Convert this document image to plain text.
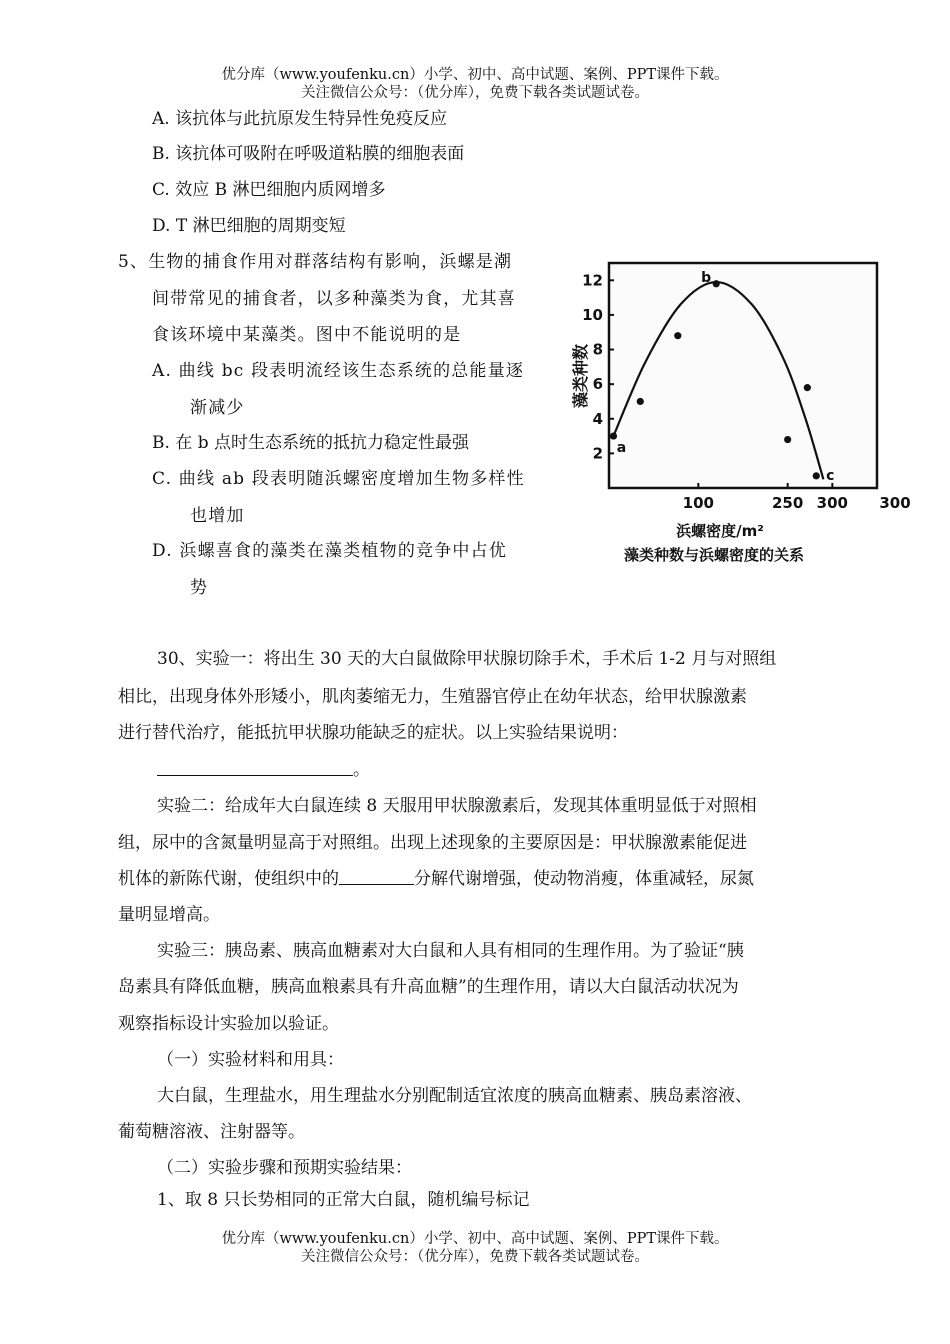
优分库（www.youfenku.cn）小学、初中、高中试题、案例、PPT课件下载。
关注微信公众号：（优分库），免费下载各类试题试卷。
A. 该抗体与此抗原发生特异性免疫反应
B. 该抗体可吸附在呼吸道粘膜的细胞表面
C. 效应 B 淋巴细胞内质网增多
D. T 淋巴细胞的周期变短
5、生物的捕食作用对群落结构有影响，浜螺是潮
间带常见的捕食者，以多种藻类为食，尤其喜
食该环境中某藻类。图中不能说明的是
A. 曲线 bc 段表明流经该生态系统的总能量逐
渐减少
B. 在 b 点时生态系统的抵抗力稳定性最强
C. 曲线 ab 段表明随浜螺密度增加生物多样性
也增加
D. 浜螺喜食的藻类在藻类植物的竞争中占优
势
2
4
6
8
10
12
100	250 300 300
a
b
c
藻类种数
浜螺密度/m²
藻类种数与浜螺密度的关系
30、实验一：将出生 30 天的大白鼠做除甲状腺切除手术，手术后 1-2 月与对照组
相比，出现身体外形矮小，肌肉萎缩无力，生殖器官停止在幼年状态，给甲状腺激素
进行替代治疗，能抵抗甲状腺功能缺乏的症状。以上实验结果说明：
。
实验二：给成年大白鼠连续 8 天服用甲状腺激素后，发现其体重明显低于对照相
组，尿中的含氮量明显高于对照组。出现上述现象的主要原因是：甲状腺激素能促进
机体的新陈代谢，使组织中的	分解代谢增强，使动物消瘦，体重减轻，尿氮
量明显增高。
实验三：胰岛素、胰高血糖素对大白鼠和人具有相同的生理作用。为了验证“胰
岛素具有降低血糖，胰高血粮素具有升高血糖”的生理作用，请以大白鼠活动状况为
观察指标设计实验加以验证。
（一）实验材料和用具：
大白鼠，生理盐水，用生理盐水分别配制适宜浓度的胰高血糖素、胰岛素溶液、
葡萄糖溶液、注射器等。
（二）实验步骤和预期实验结果：
1、取 8 只长势相同的正常大白鼠，随机编号标记
优分库（www.youfenku.cn）小学、初中、高中试题、案例、PPT课件下载。
关注微信公众号：（优分库），免费下载各类试题试卷。
